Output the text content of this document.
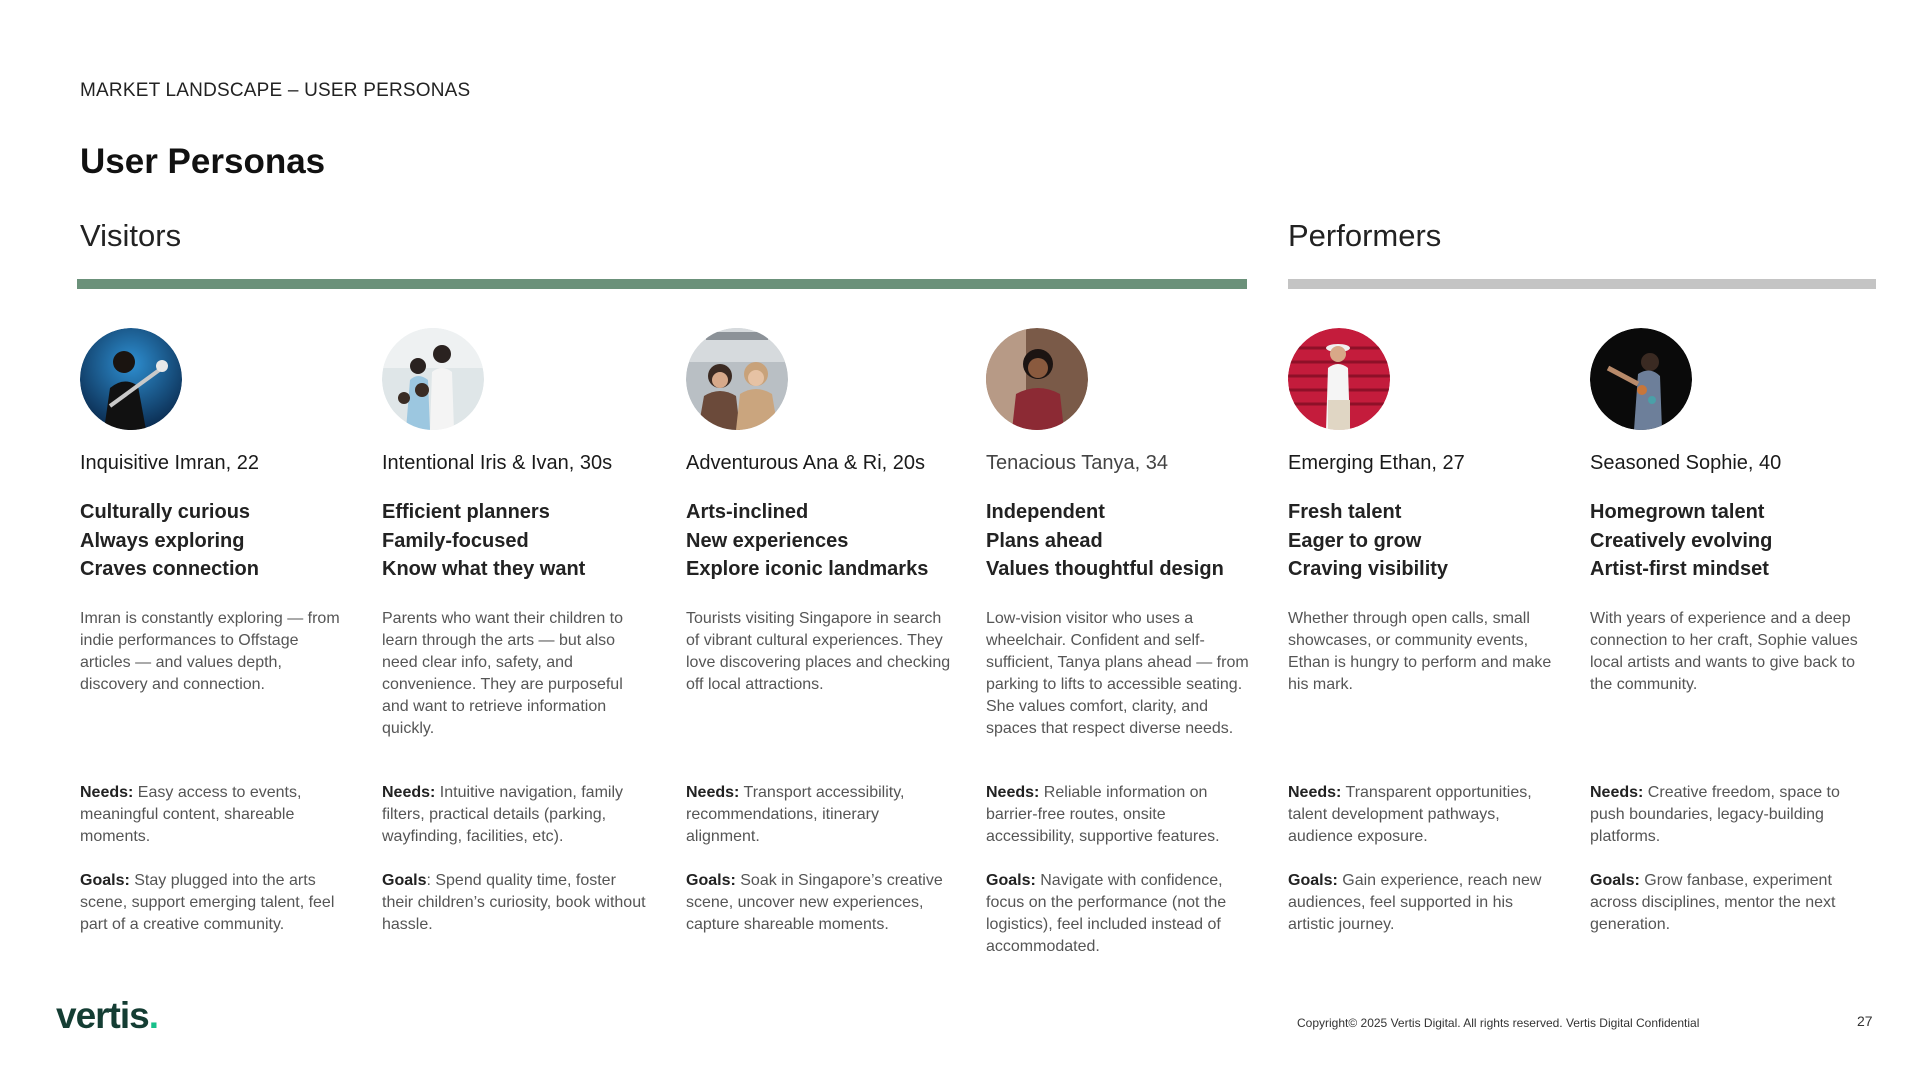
MARKET LANDSCAPE – USER PERSONAS
User Personas
Visitors	Performers
Inquisitive Imran, 22
Culturally curious
Always exploring
Craves connection
Imran is constantly exploring — from indie performances to Offstage articles — and values depth, discovery and connection.
Needs: Easy access to events, meaningful content, shareable moments.
Goals: Stay plugged into the arts scene, support emerging talent, feel part of a creative community.
Intentional Iris & Ivan, 30s
Efficient planners
Family-focused
Know what they want
Parents who want their children to learn through the arts — but also need clear info, safety, and convenience. They are purposeful and want to retrieve information quickly.
Needs: Intuitive navigation, family filters, practical details (parking, wayfinding, facilities, etc).
Goals: Spend quality time, foster their children’s curiosity, book without hassle.
Adventurous Ana & Ri, 20s
Arts-inclined
New experiences
Explore iconic landmarks
Tourists visiting Singapore in search of vibrant cultural experiences. They love discovering places and checking off local attractions.
Needs: Transport accessibility, recommendations, itinerary alignment.
Goals: Soak in Singapore’s creative scene, uncover new experiences, capture shareable moments.
Tenacious Tanya, 34
Independent
Plans ahead
Values thoughtful design
Low-vision visitor who uses a wheelchair. Confident and self-sufficient, Tanya plans ahead — from parking to lifts to accessible seating. She values comfort, clarity, and spaces that respect diverse needs.
Needs: Reliable information on barrier-free routes, onsite accessibility, supportive features.
Goals: Navigate with confidence, focus on the performance (not the logistics), feel included instead of accommodated.
Emerging Ethan, 27
Fresh talent
Eager to grow
Craving visibility
Whether through open calls, small showcases, or community events, Ethan is hungry to perform and make his mark.
Needs: Transparent opportunities, talent development pathways, audience exposure.
Goals: Gain experience, reach new audiences, feel supported in his artistic journey.
Seasoned Sophie, 40
Homegrown talent
Creatively evolving
Artist-first mindset
With years of experience and a deep connection to her craft, Sophie values local artists and wants to give back to the community.
Needs: Creative freedom, space to push boundaries, legacy-building platforms.
Goals: Grow fanbase, experiment across disciplines, mentor the next generation.
vertis.	Copyright© 2025 Vertis Digital. All rights reserved. Vertis Digital Confidential	27
